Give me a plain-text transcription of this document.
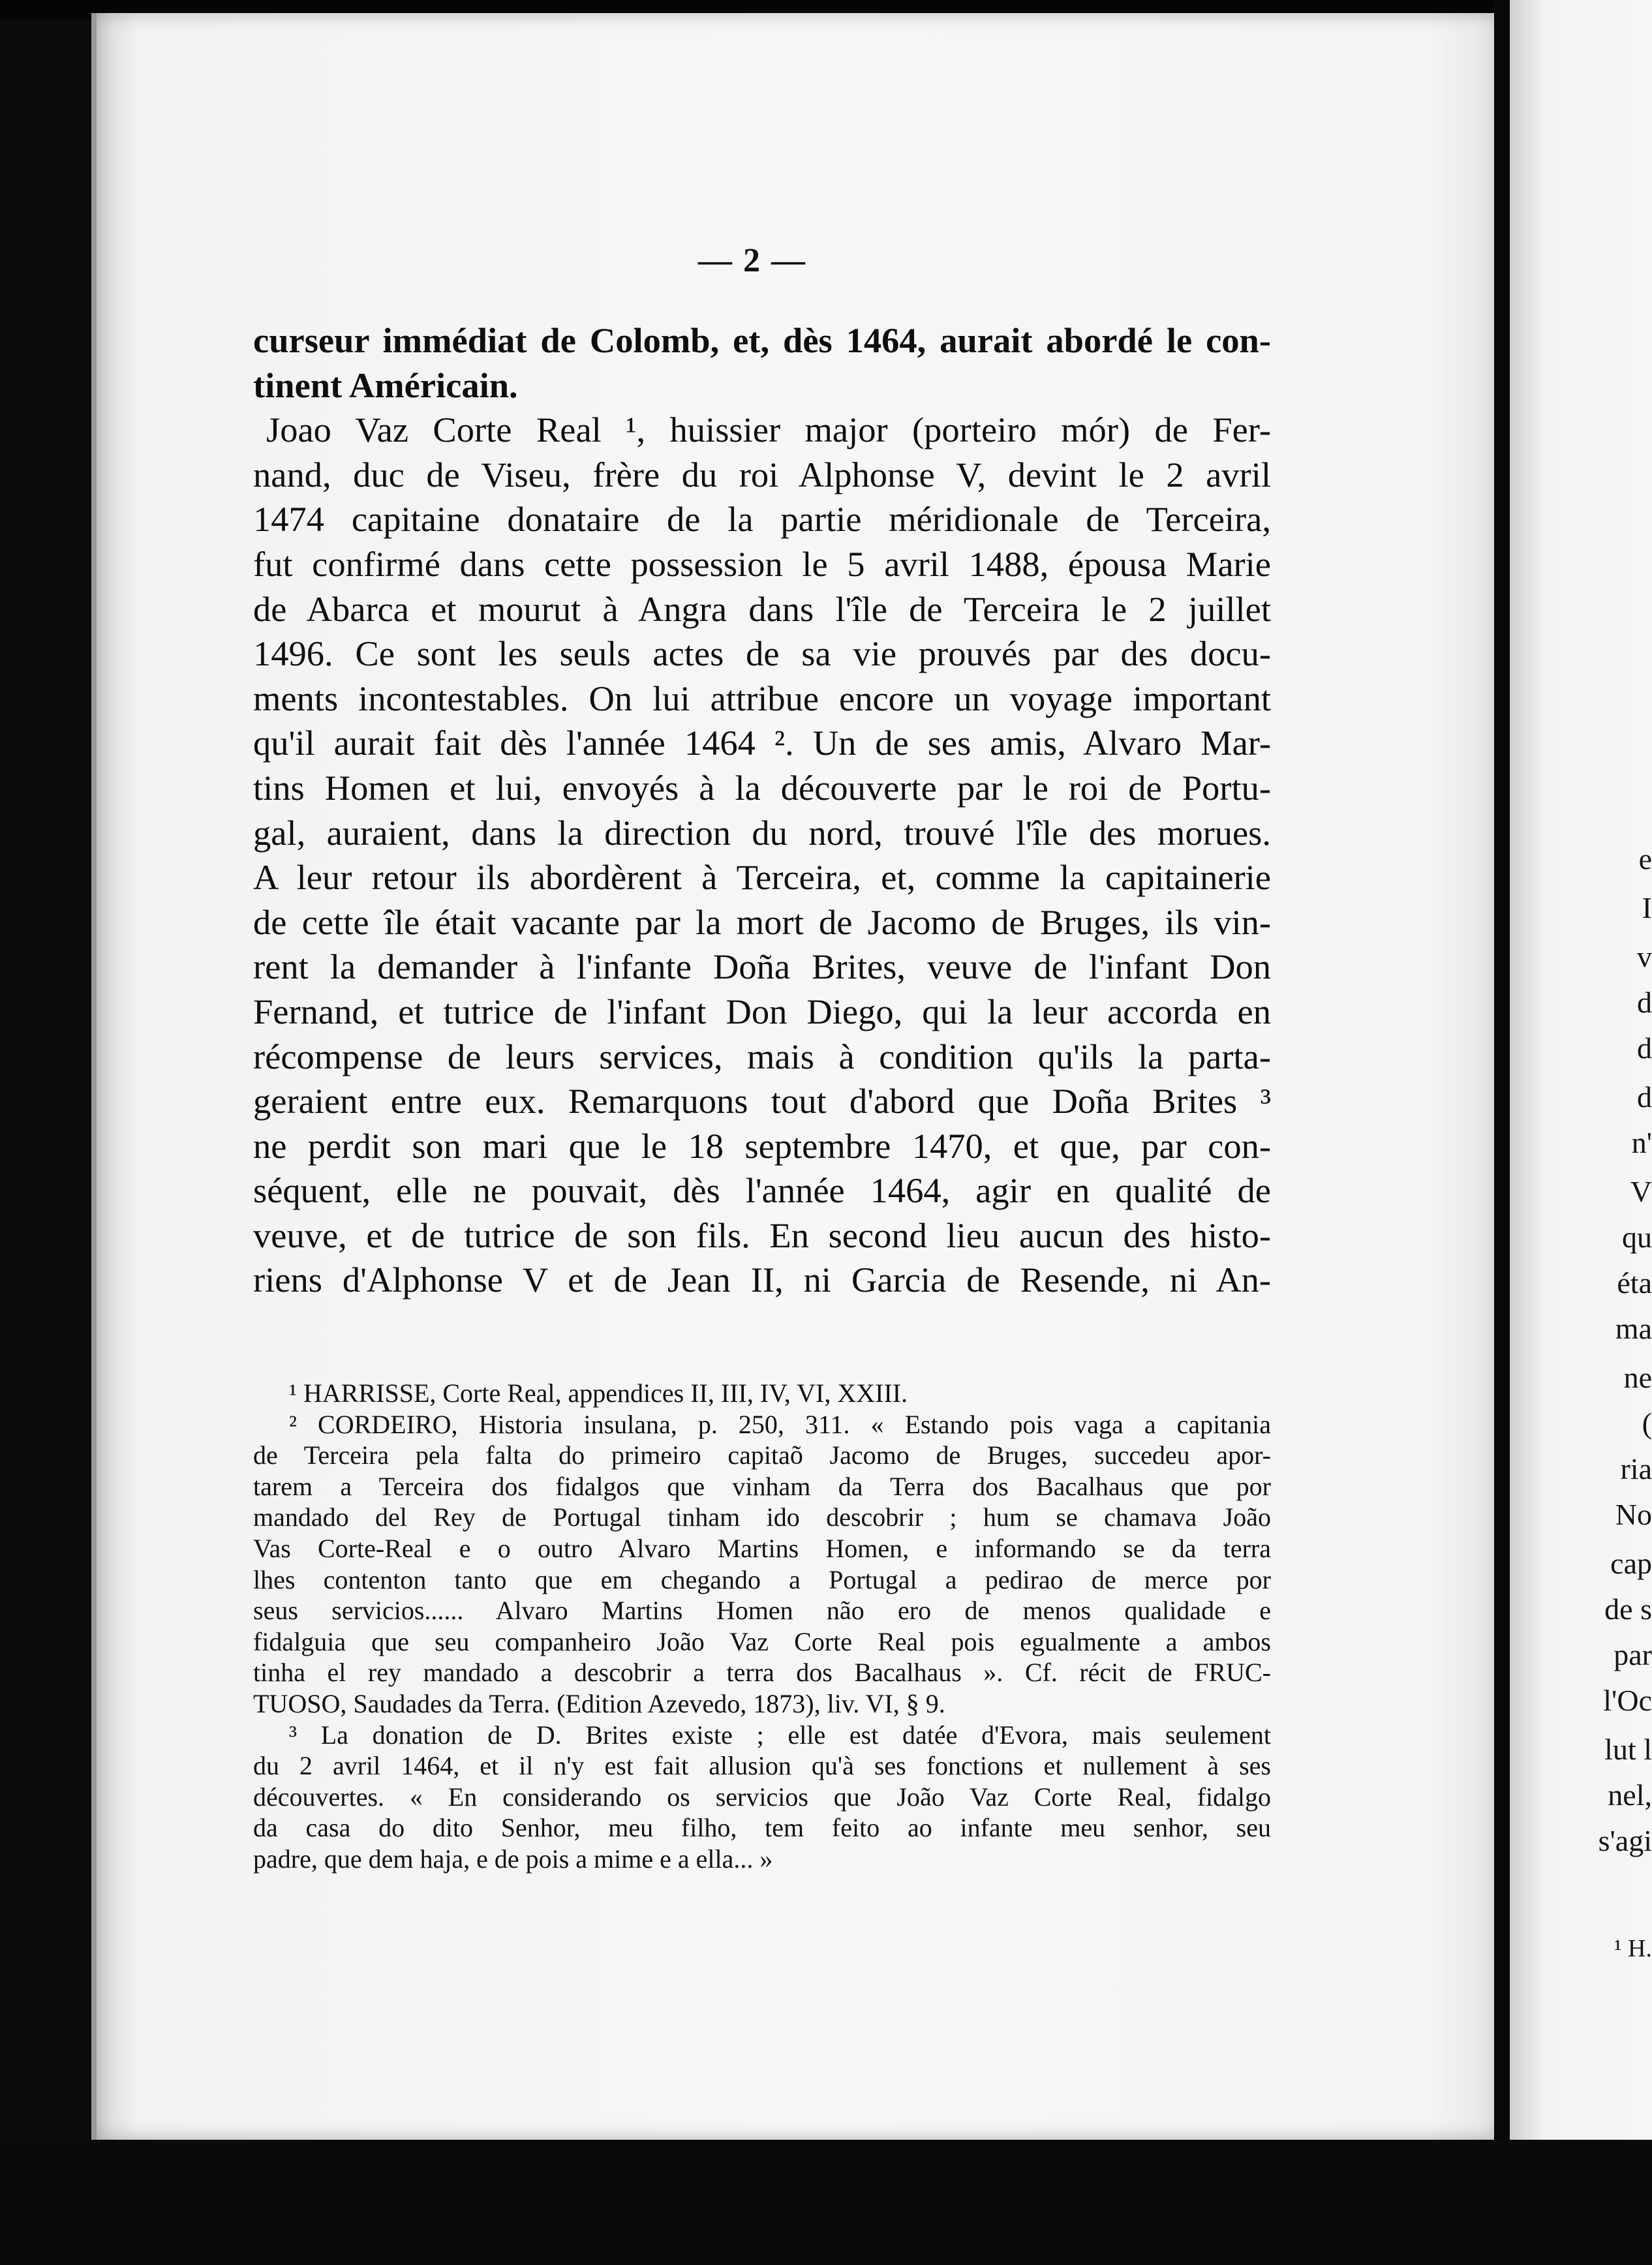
— 2 —
curseur immédiat de Colomb, et, dès 1464, aurait abordé le con-
tinent Américain.
Joao Vaz Corte Real ¹, huissier major (porteiro mór) de Fer-
nand, duc de Viseu, frère du roi Alphonse V, devint le 2 avril
1474 capitaine donataire de la partie méridionale de Terceira,
fut confirmé dans cette possession le 5 avril 1488, épousa Marie
de Abarca et mourut à Angra dans l'île de Terceira le 2 juillet
1496. Ce sont les seuls actes de sa vie prouvés par des docu-
ments incontestables. On lui attribue encore un voyage important
qu'il aurait fait dès l'année 1464 ². Un de ses amis, Alvaro Mar-
tins Homen et lui, envoyés à la découverte par le roi de Portu-
gal, auraient, dans la direction du nord, trouvé l'île des morues.
A leur retour ils abordèrent à Terceira, et, comme la capitainerie
de cette île était vacante par la mort de Jacomo de Bruges, ils vin-
rent la demander à l'infante Doña Brites, veuve de l'infant Don
Fernand, et tutrice de l'infant Don Diego, qui la leur accorda en
récompense de leurs services, mais à condition qu'ils la parta-
geraient entre eux. Remarquons tout d'abord que Doña Brites ³
ne perdit son mari que le 18 septembre 1470, et que, par con-
séquent, elle ne pouvait, dès l'année 1464, agir en qualité de
veuve, et de tutrice de son fils. En second lieu aucun des histo-
riens d'Alphonse V et de Jean II, ni Garcia de Resende, ni An-
¹ HARRISSE, Corte Real, appendices II, III, IV, VI, XXIII.
² CORDEIRO, Historia insulana, p. 250, 311. « Estando pois vaga a capitania
de Terceira pela falta do primeiro capitaõ Jacomo de Bruges, succedeu apor-
tarem a Terceira dos fidalgos que vinham da Terra dos Bacalhaus que por
mandado del Rey de Portugal tinham ido descobrir ; hum se chamava João
Vas Corte-Real e o outro Alvaro Martins Homen, e informando se da terra
lhes contenton tanto que em chegando a Portugal a pedirao de merce por
seus servicios...... Alvaro Martins Homen não ero de menos qualidade e
fidalguia que seu companheiro João Vaz Corte Real pois egualmente a ambos
tinha el rey mandado a descobrir a terra dos Bacalhaus ». Cf. récit de FRUC-
TUOSO, Saudades da Terra. (Edition Azevedo, 1873), liv. VI, § 9.
³ La donation de D. Brites existe ; elle est datée d'Evora, mais seulement
du 2 avril 1464, et il n'y est fait allusion qu'à ses fonctions et nullement à ses
découvertes. « En considerando os servicios que João Vaz Corte Real, fidalgo
da casa do dito Senhor, meu filho, tem feito ao infante meu senhor, seu
padre, que dem haja, e de pois a mime e a ella... »
e
I
v
d
d
d
n'
V
qu
éta
ma
ne
(
ria
No
cap
de s
par
l'Oc
lut l
nel,
s'agi
¹ H.
